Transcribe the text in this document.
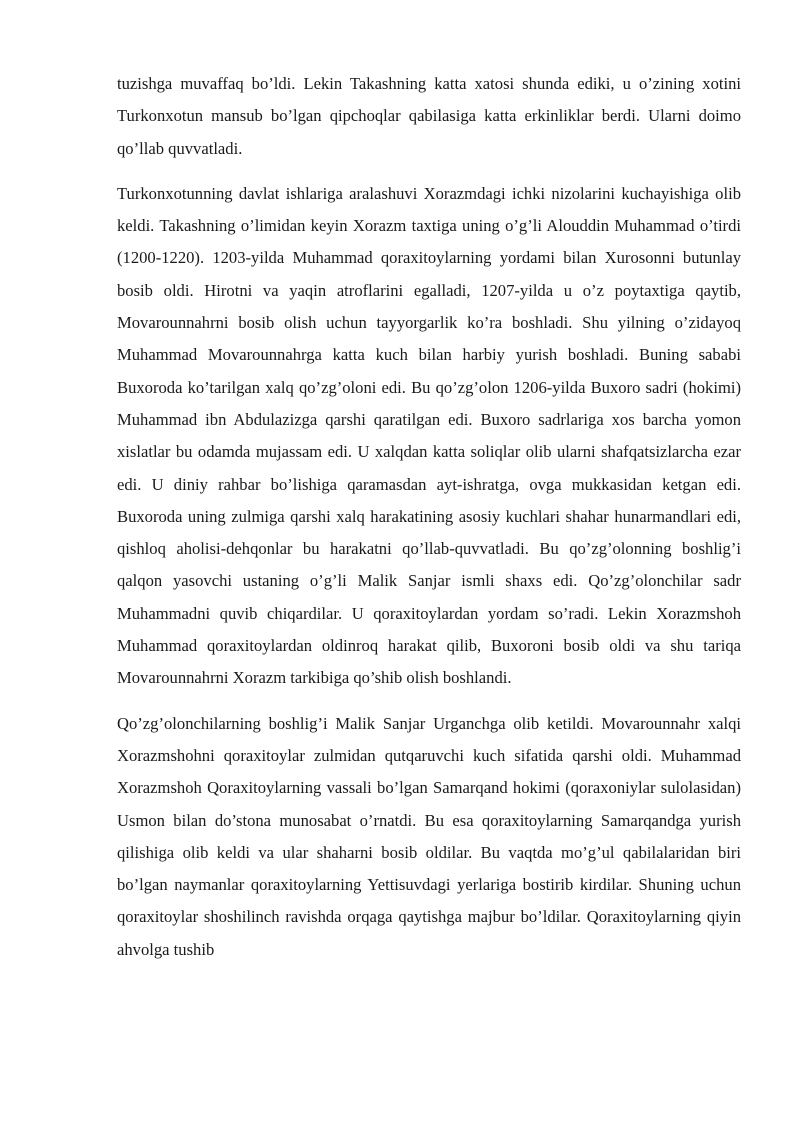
tuzishga muvaffaq bo’ldi. Lekin Takashning katta xatosi shunda ediki, u o’zining xotini Turkonxotun mansub bo’lgan qipchoqlar qabilasiga katta erkinliklar berdi. Ularni doimo qo’llab quvvatladi.

Turkonxotunning davlat ishlariga aralashuvi Xorazmdagi ichki nizolarini kuchayishiga olib keldi. Takashning o’limidan keyin Xorazm taxtiga uning o’g’li Alouddin Muhammad o’tirdi (1200-1220). 1203-yilda Muhammad qoraxitoylarning yordami bilan Xurosonni butunlay bosib oldi. Hirotni va yaqin atroflarini egalladi, 1207-yilda u o’z poytaxtiga qaytib, Movarounnahrni bosib olish uchun tayyorgarlik ko’ra boshladi. Shu yilning o’zidayoq Muhammad Movarounnahrga katta kuch bilan harbiy yurish boshladi. Buning sababi Buxoroda ko’tarilgan xalq qo’zg’oloni edi. Bu qo’zg’olon 1206-yilda Buxoro sadri (hokimi) Muhammad ibn Abdulazizga qarshi qaratilgan edi. Buxoro sadrlariga xos barcha yomon xislatlar bu odamda mujassam edi. U xalqdan katta soliqlar olib ularni shafqatsizlarcha ezar edi. U diniy rahbar bo’lishiga qaramasdan ayt-ishratga, ovga mukkasidan ketgan edi. Buxoroda uning zulmiga qarshi xalq harakatining asosiy kuchlari shahar hunarmandlari edi, qishloq aholisi-dehqonlar bu harakatni qo’llab-quvvatladi. Bu qo’zg’olonning boshlig’i qalqon yasovchi ustaning o’g’li Malik Sanjar ismli shaxs edi. Qo’zg’olonchilar sadr Muhammadni quvib chiqardilar. U qoraxitoylardan yordam so’radi. Lekin Xorazmshoh Muhammad qoraxitoylardan oldinroq harakat qilib, Buxoroni bosib oldi va shu tariqa Movarounnahrni Xorazm tarkibiga qo’shib olish boshlandi.

Qo’zg’olonchilarning boshlig’i Malik Sanjar Urganchga olib ketildi. Movarounnahr xalqi Xorazmshohni qoraxitoylar zulmidan qutqaruvchi kuch sifatida qarshi oldi. Muhammad Xorazmshoh Qoraxitoylarning vassali bo’lgan Samarqand hokimi (qoraxoniylar sulolasidan) Usmon bilan do’stona munosabat o’rnatdi. Bu esa qoraxitoylarning Samarqandga yurish qilishiga olib keldi va ular shaharni bosib oldilar. Bu vaqtda mo’g’ul qabilalaridan biri bo’lgan naymanlar qoraxitoylarning Yettisuvdagi yerlariga bostirib kirdilar. Shuning uchun qoraxitoylar shoshilinch ravishda orqaga qaytishga majbur bo’ldilar. Qoraxitoylarning qiyin ahvolga tushib
